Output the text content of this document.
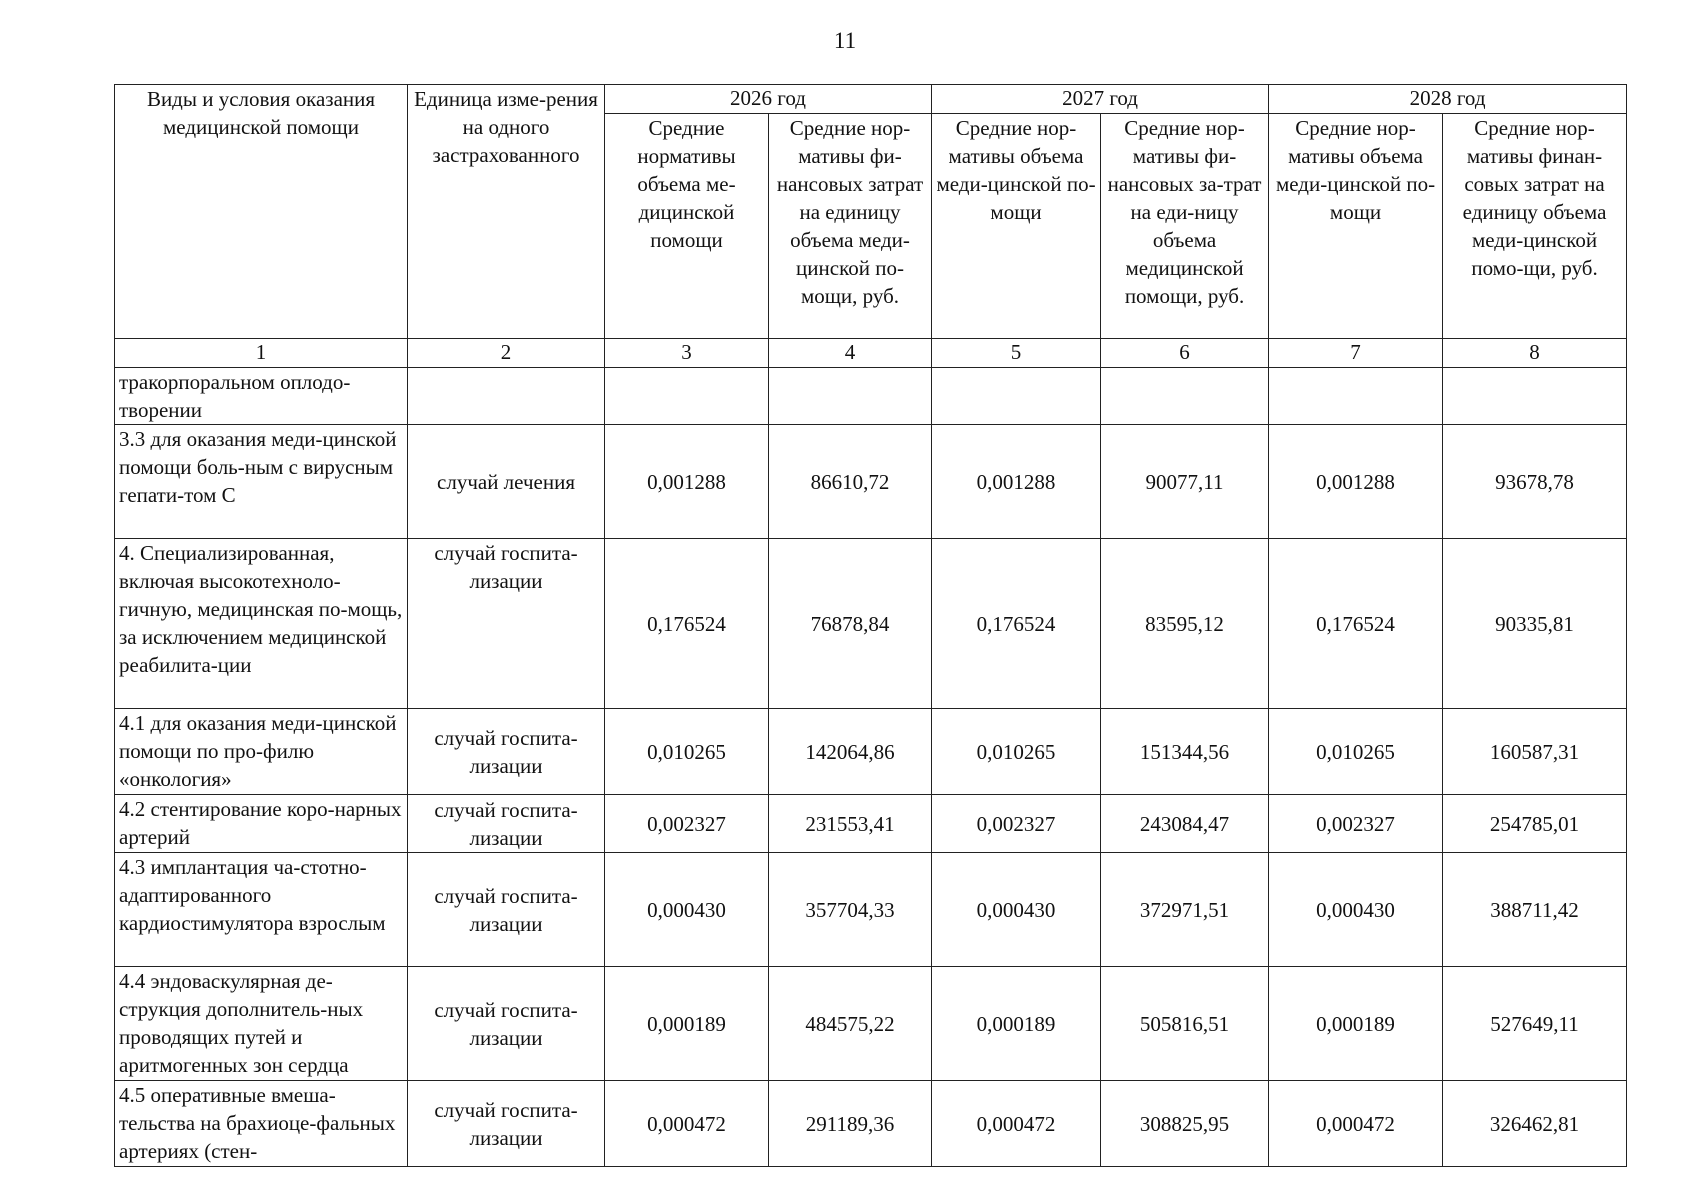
11
Виды и условия оказания медицинской помощи	Единица изме-рения на одного застрахованного	2026 год		2027 год		2028 год	
		Средние нормативы объема ме-дицинской помощи	Средние нор-мативы фи-нансовых затрат на единицу объема меди-цинской по-мощи, руб.	Средние нор-мативы объема меди-цинской по-мощи	Средние нор-мативы фи-нансовых за-трат на еди-ницу объема медицинской помощи, руб.	Средние нор-мативы объема меди-цинской по-мощи	Средние нор-мативы финан-совых затрат на единицу объема меди-цинской помо-щи, руб.
1	2	3	4	5	6	7	8
тракорпоральном оплодо-творении							
3.3 для оказания меди-цинской помощи боль-ным с вирусным гепати-том С	случай лечения	0,001288	86610,72	0,001288	90077,11	0,001288	93678,78
4. Специализированная, включая высокотехноло-гичную, медицинская по-мощь, за исключением медицинской реабилита-ции	случай госпита-лизации	0,176524	76878,84	0,176524	83595,12	0,176524	90335,81
4.1 для оказания меди-цинской помощи по про-филю «онкология»	случай госпита-лизации	0,010265	142064,86	0,010265	151344,56	0,010265	160587,31
4.2 стентирование коро-нарных артерий	случай госпита-лизации	0,002327	231553,41	0,002327	243084,47	0,002327	254785,01
4.3 имплантация ча-стотно-адаптированного кардиостимулятора взрослым	случай госпита-лизации	0,000430	357704,33	0,000430	372971,51	0,000430	388711,42
4.4 эндоваскулярная де-струкция дополнитель-ных проводящих путей и аритмогенных зон сердца	случай госпита-лизации	0,000189	484575,22	0,000189	505816,51	0,000189	527649,11
4.5 оперативные вмеша-тельства на брахиоце-фальных артериях (стен-	случай госпита-лизации	0,000472	291189,36	0,000472	308825,95	0,000472	326462,81
